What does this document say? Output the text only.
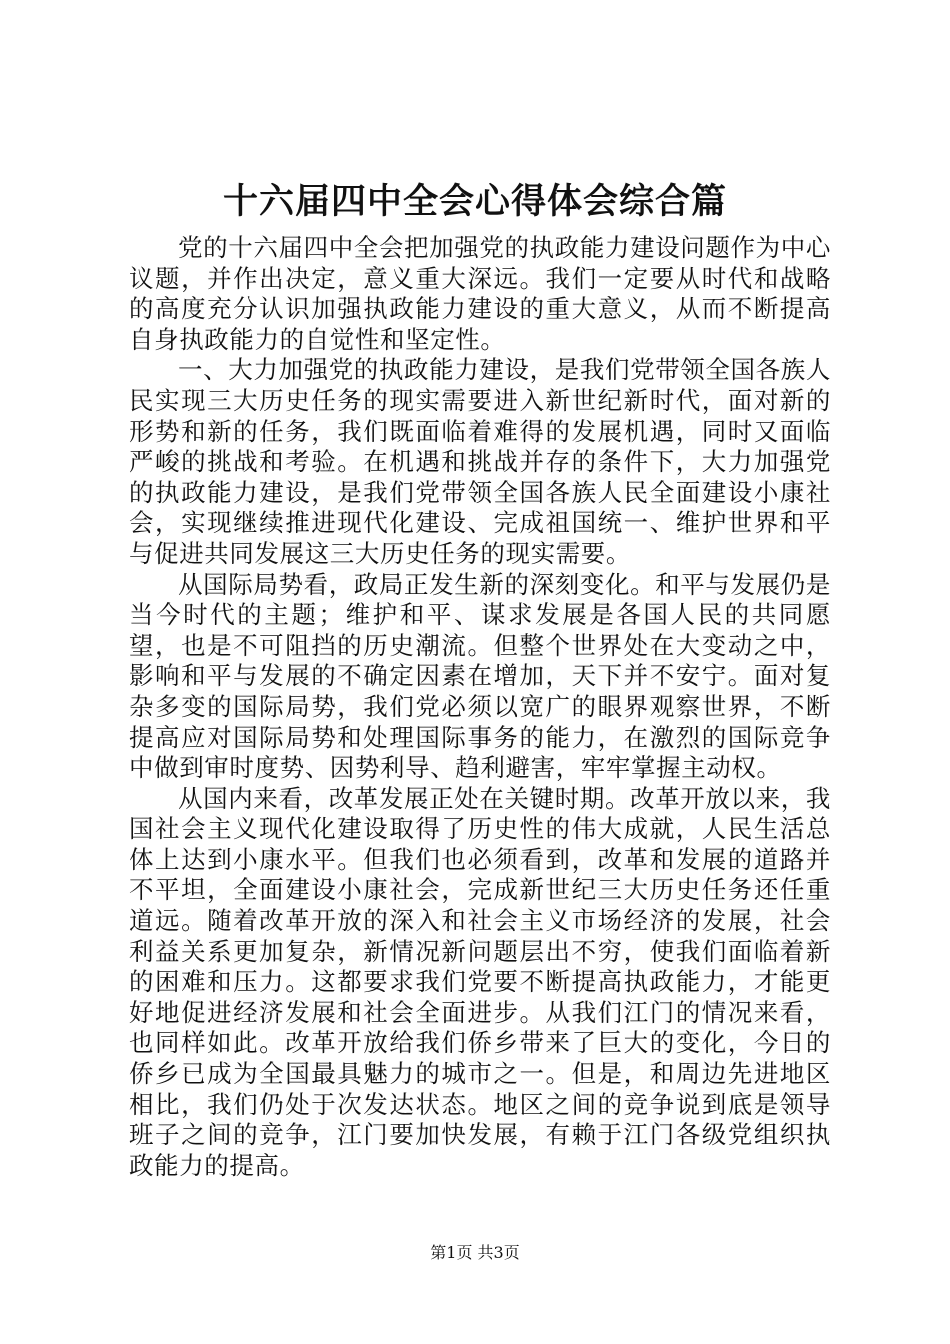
十六届四中全会心得体会综合篇

党的十六届四中全会把加强党的执政能力建设问题作为中心议题，并作出决定，意义重大深远。我们一定要从时代和战略的高度充分认识加强执政能力建设的重大意义，从而不断提高自身执政能力的自觉性和坚定性。

一、大力加强党的执政能力建设，是我们党带领全国各族人民实现三大历史任务的现实需要进入新世纪新时代，面对新的形势和新的任务，我们既面临着难得的发展机遇，同时又面临严峻的挑战和考验。在机遇和挑战并存的条件下，大力加强党的执政能力建设，是我们党带领全国各族人民全面建设小康社会，实现继续推进现代化建设、完成祖国统一、维护世界和平与促进共同发展这三大历史任务的现实需要。

从国际局势看，政局正发生新的深刻变化。和平与发展仍是当今时代的主题；维护和平、谋求发展是各国人民的共同愿望，也是不可阻挡的历史潮流。但整个世界处在大变动之中，影响和平与发展的不确定因素在增加，天下并不安宁。面对复杂多变的国际局势，我们党必须以宽广的眼界观察世界，不断提高应对国际局势和处理国际事务的能力，在激烈的国际竞争中做到审时度势、因势利导、趋利避害，牢牢掌握主动权。

从国内来看，改革发展正处在关键时期。改革开放以来，我国社会主义现代化建设取得了历史性的伟大成就，人民生活总体上达到小康水平。但我们也必须看到，改革和发展的道路并不平坦，全面建设小康社会，完成新世纪三大历史任务还任重道远。随着改革开放的深入和社会主义市场经济的发展，社会利益关系更加复杂，新情况新问题层出不穷，使我们面临着新的困难和压力。这都要求我们党要不断提高执政能力，才能更好地促进经济发展和社会全面进步。从我们江门的情况来看，也同样如此。改革开放给我们侨乡带来了巨大的变化，今日的侨乡已成为全国最具魅力的城市之一。但是，和周边先进地区相比，我们仍处于次发达状态。地区之间的竞争说到底是领导班子之间的竞争，江门要加快发展，有赖于江门各级党组织执政能力的提高。

第1页 共3页
